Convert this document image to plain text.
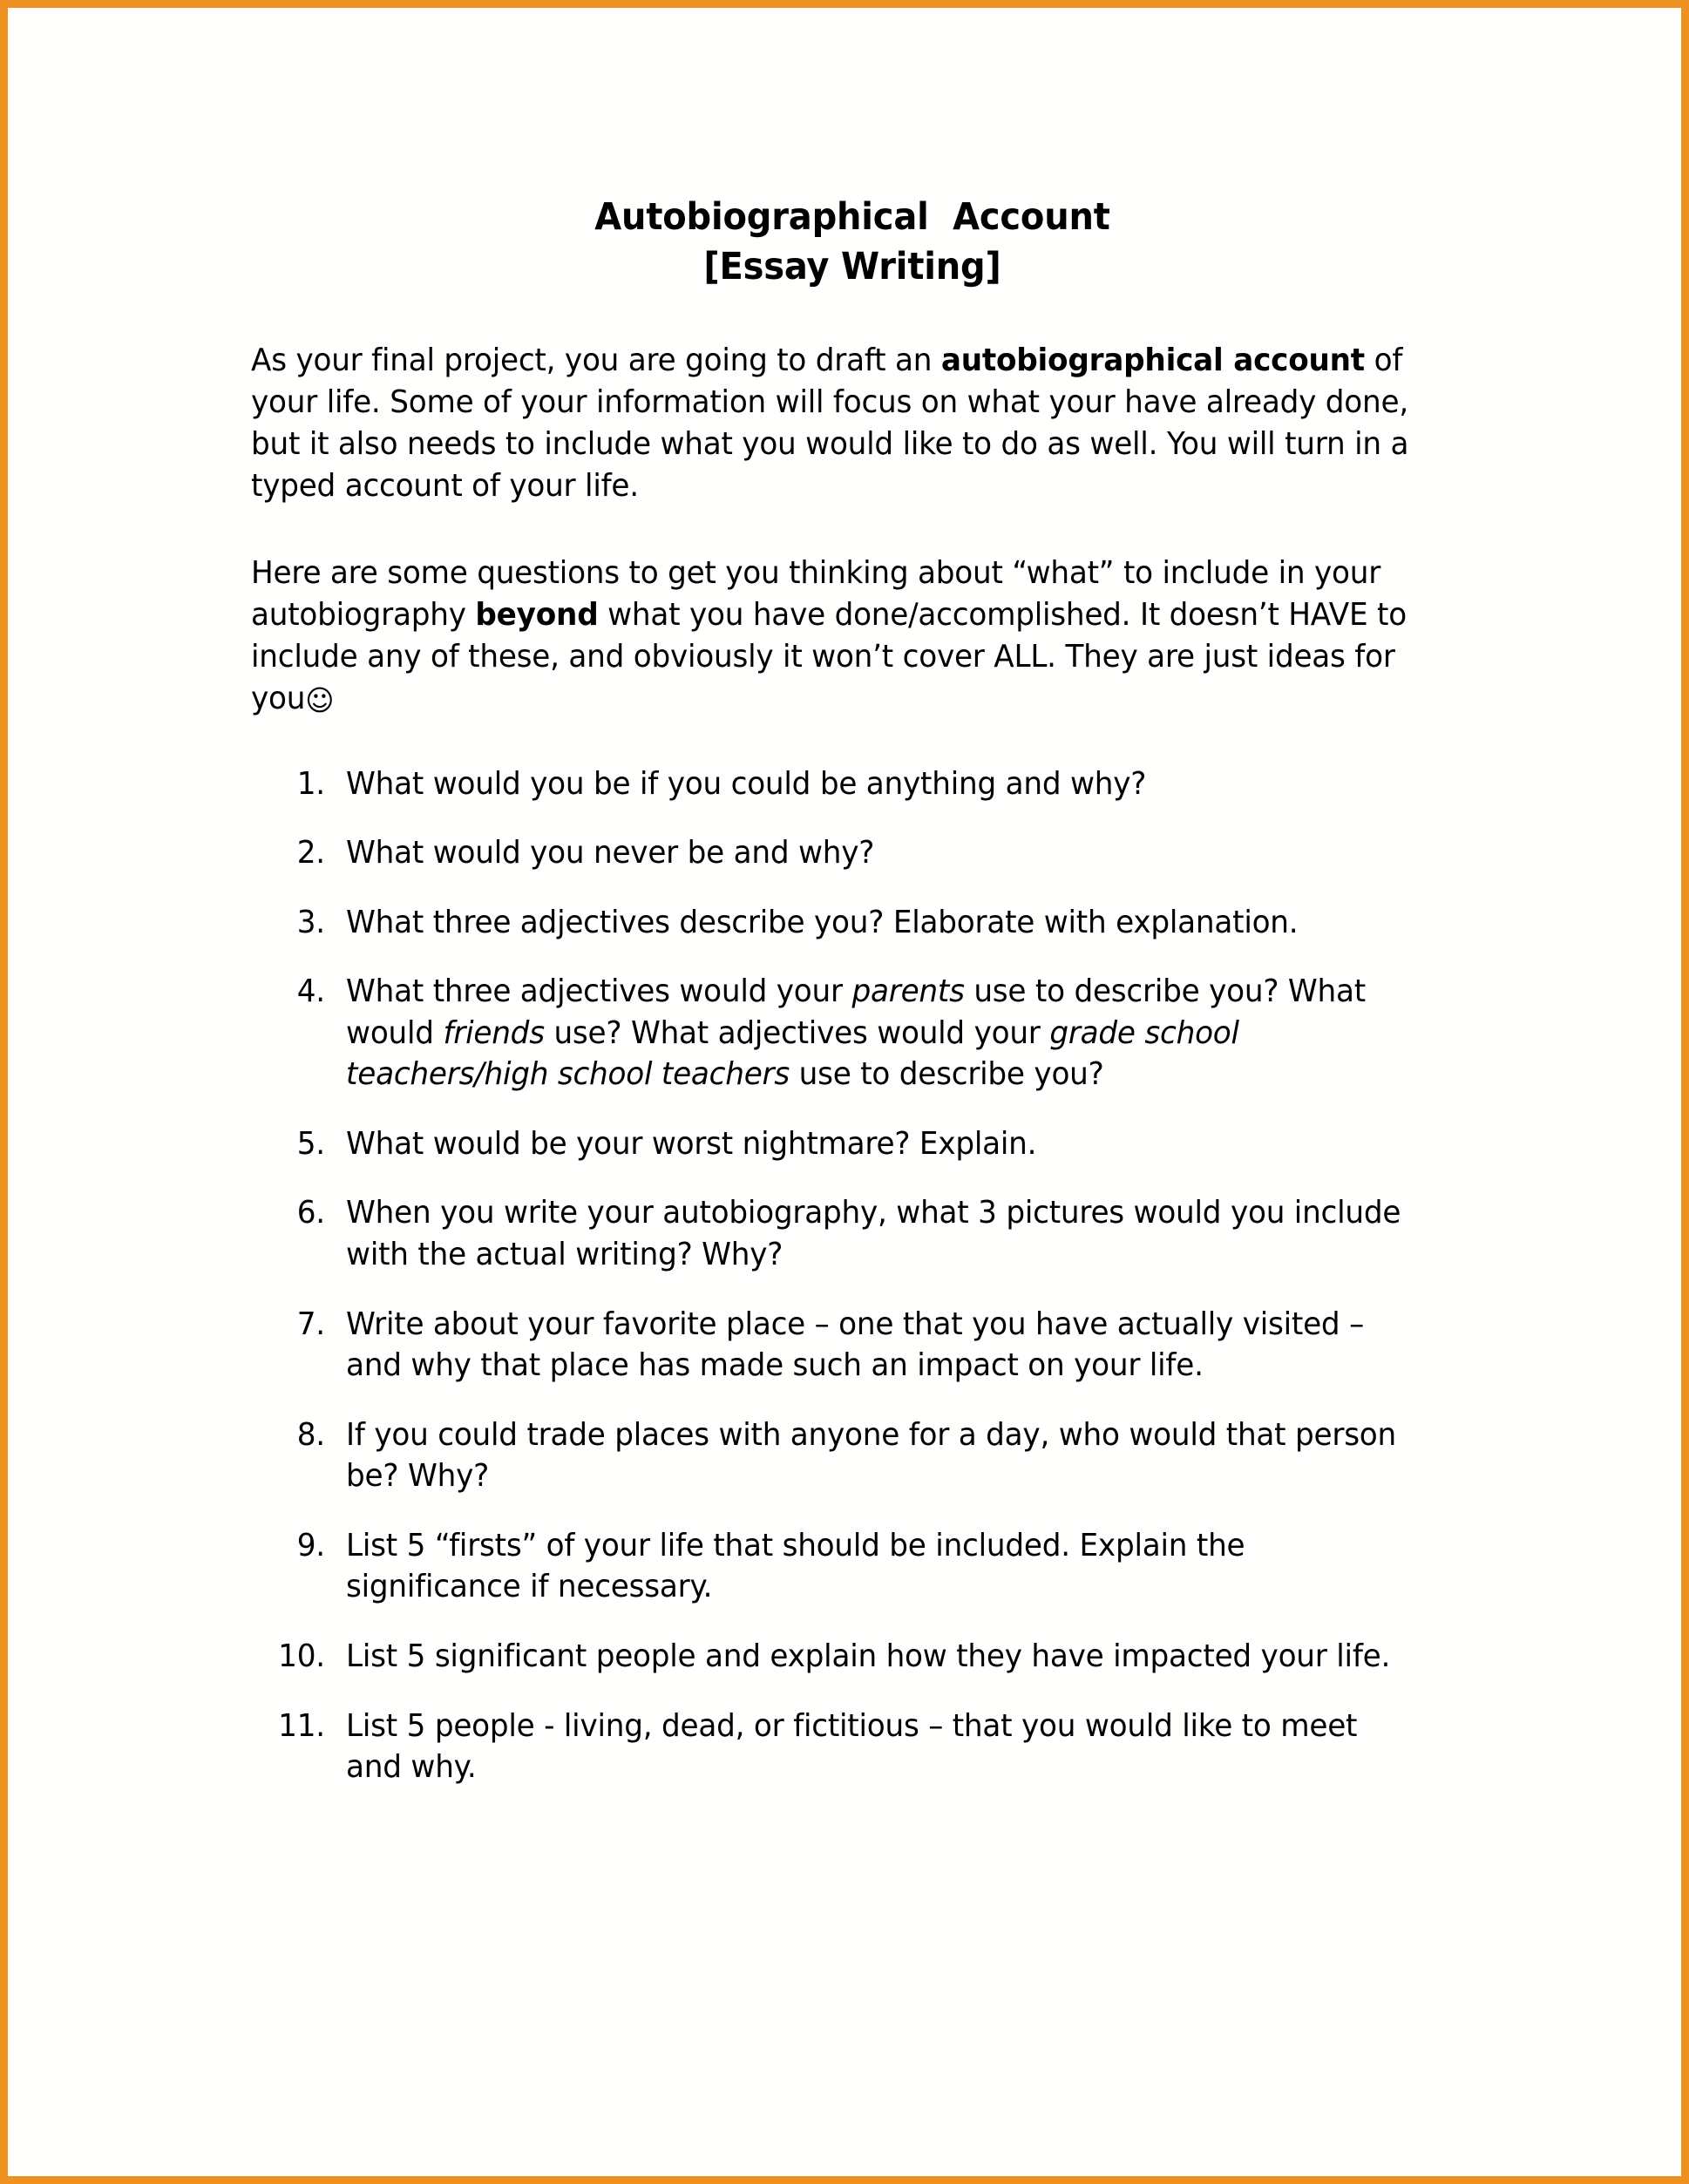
Autobiographical  Account
[Essay Writing]

As your final project, you are going to draft an autobiographical account of your life. Some of your information will focus on what your have already done, but it also needs to include what you would like to do as well. You will turn in a typed account of your life.

Here are some questions to get you thinking about “what” to include in your autobiography beyond what you have done/accomplished. It doesn’t HAVE to include any of these, and obviously it won’t cover ALL. They are just ideas for you☺

1. What would you be if you could be anything and why?
2. What would you never be and why?
3. What three adjectives describe you? Elaborate with explanation.
4. What three adjectives would your parents use to describe you? What would friends use? What adjectives would your grade school teachers/high school teachers use to describe you?
5. What would be your worst nightmare? Explain.
6. When you write your autobiography, what 3 pictures would you include with the actual writing? Why?
7. Write about your favorite place – one that you have actually visited – and why that place has made such an impact on your life.
8. If you could trade places with anyone for a day, who would that person be? Why?
9. List 5 “firsts” of your life that should be included. Explain the significance if necessary.
10. List 5 significant people and explain how they have impacted your life.
11. List 5 people - living, dead, or fictitious – that you would like to meet and why.
